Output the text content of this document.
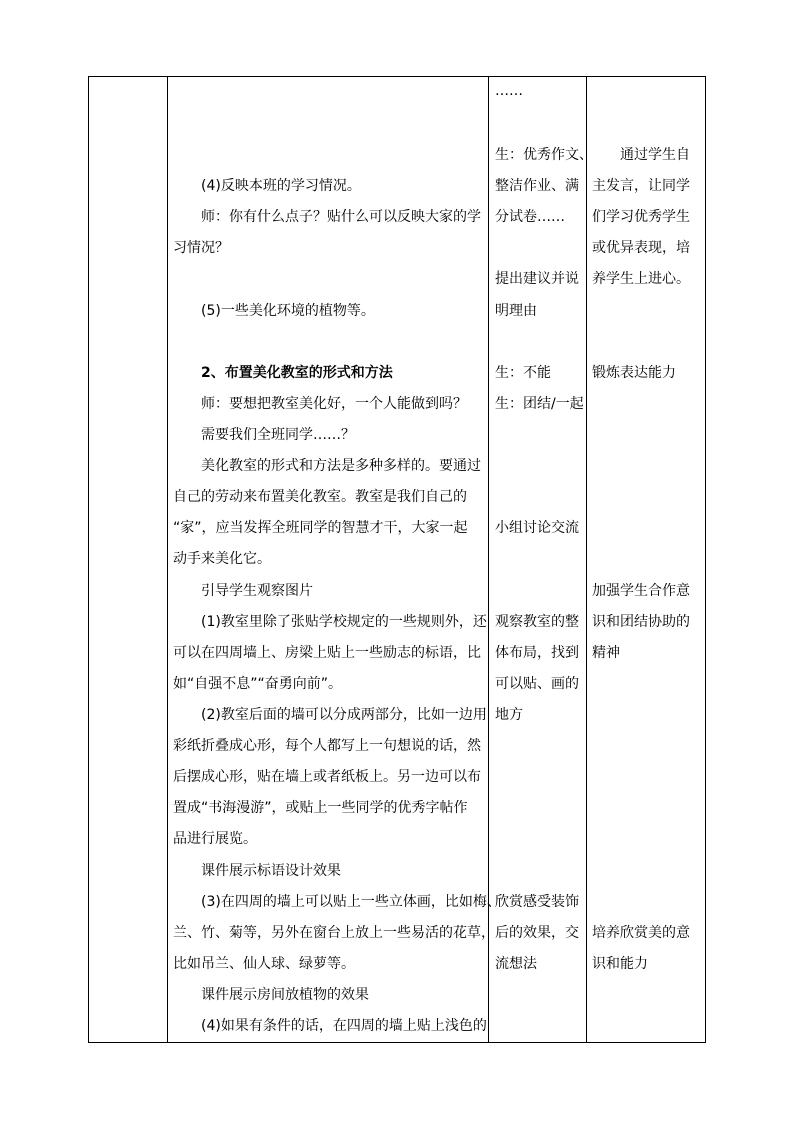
(4)反映本班的学习情况。
师：你有什么点子？贴什么可以反映大家的学
习情况？
(5)一些美化环境的植物等。
2、布置美化教室的形式和方法
师：要想把教室美化好，一个人能做到吗？
需要我们全班同学……？
美化教室的形式和方法是多种多样的。要通过
自己的劳动来布置美化教室。教室是我们自己的
“家”，应当发挥全班同学的智慧才干，大家一起
动手来美化它。
引导学生观察图片
(1)教室里除了张贴学校规定的一些规则外，还
可以在四周墙上、房梁上贴上一些励志的标语，比
如“自强不息”“奋勇向前”。
(2)教室后面的墙可以分成两部分，比如一边用
彩纸折叠成心形，每个人都写上一句想说的话，然
后摆成心形，贴在墙上或者纸板上。另一边可以布
置成“书海漫游”，或贴上一些同学的优秀字帖作
品进行展览。
课件展示标语设计效果
(3)在四周的墙上可以贴上一些立体画，比如梅、
兰、竹、菊等，另外在窗台上放上一些易活的花草，
比如吊兰、仙人球、绿萝等。
课件展示房间放植物的效果
(4)如果有条件的话，在四周的墙上贴上浅色的
……
生：优秀作文、
整洁作业、满
分试卷……
提出建议并说
明理由
生：不能
生：团结/一起
小组讨论交流
观察教室的整
体布局，找到
可以贴、画的
地方
欣赏感受装饰
后的效果，交
流想法
通过学生自
主发言，让同学
们学习优秀学生
或优异表现，培
养学生上进心。
锻炼表达能力
加强学生合作意
识和团结协助的
精神
培养欣赏美的意
识和能力
